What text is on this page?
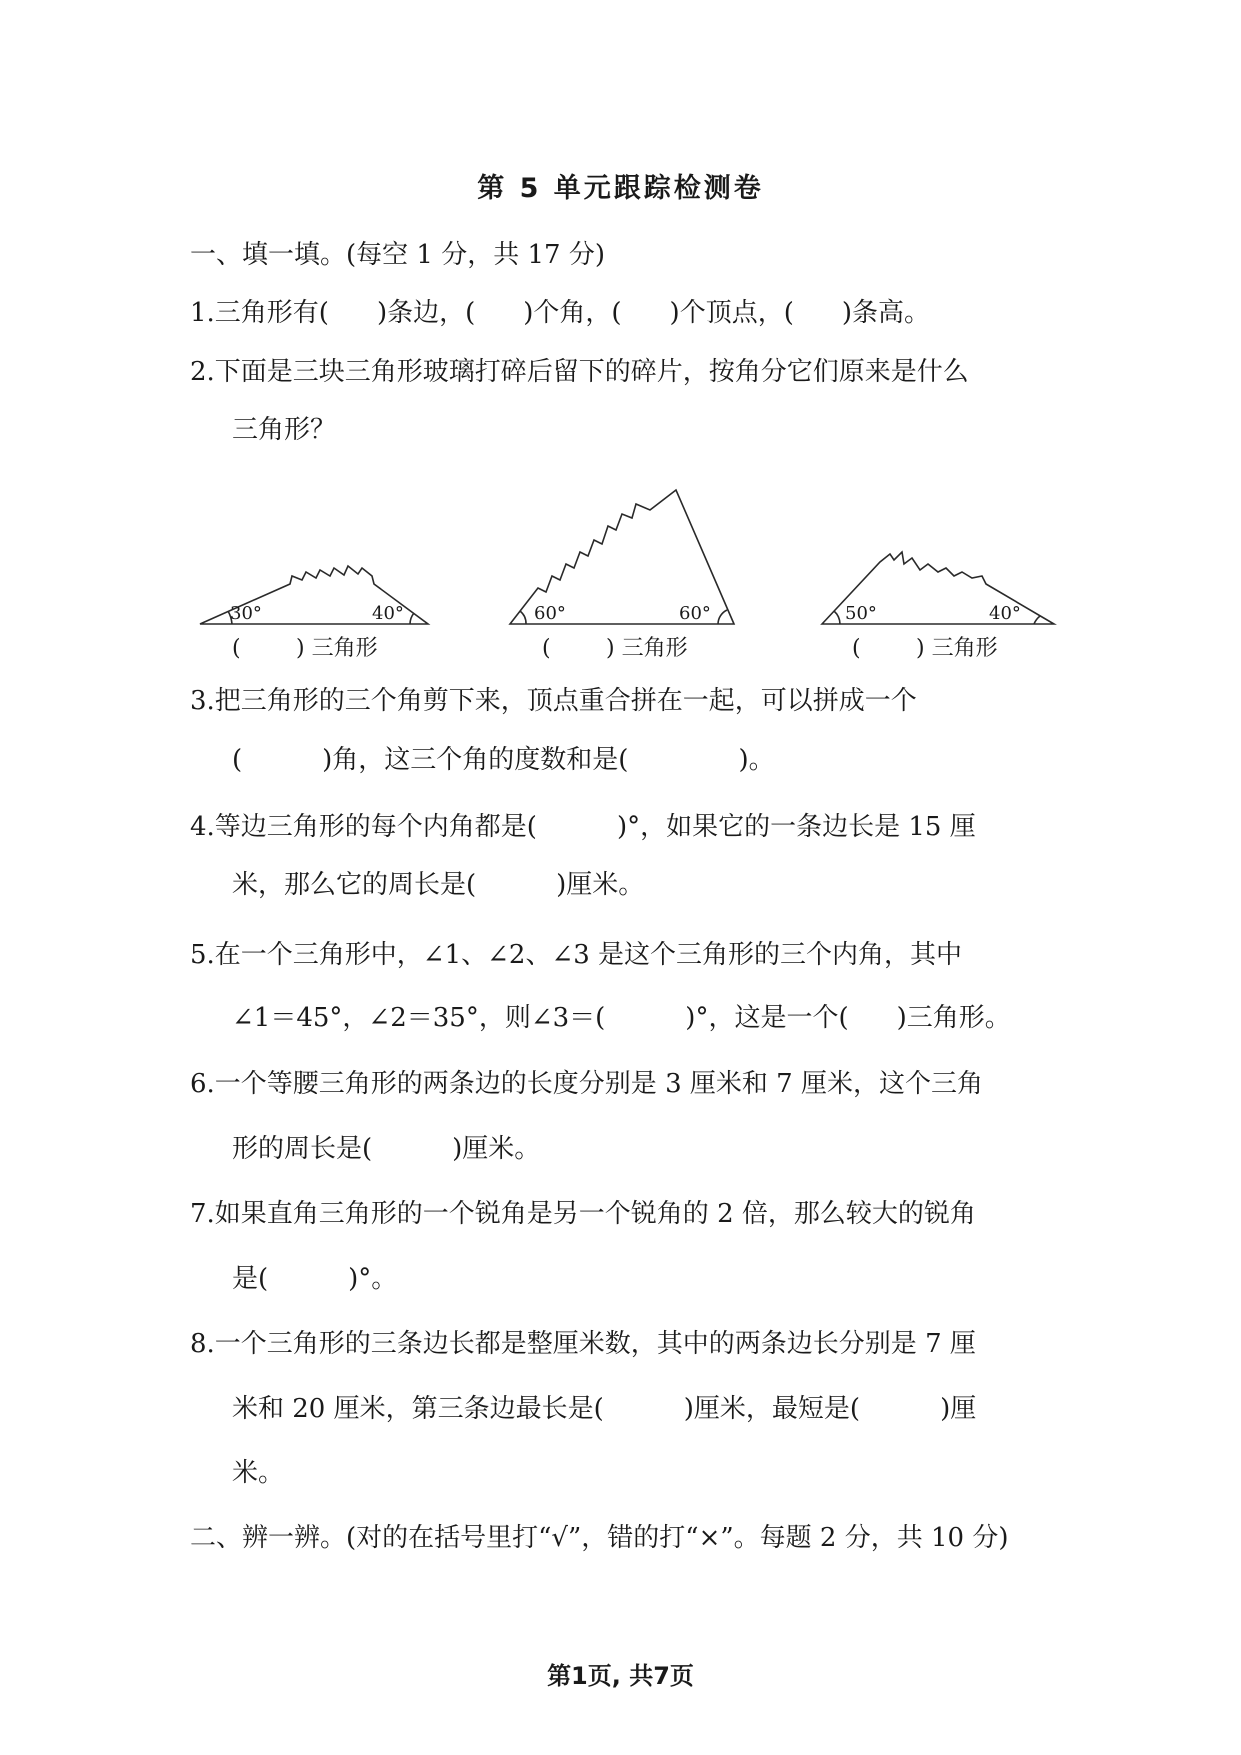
第 5 单元跟踪检测卷
一、填一填。(每空 1 分，共 17 分)
1.三角形有( )条边，( )个角，( )个顶点，( )条高。
2.下面是三块三角形玻璃打碎后留下的碎片，按角分它们原来是什么
三角形？
30°	40°	60°	60°	50°	40°
(	) 三角形	(	) 三角形	(	) 三角形
3.把三角形的三个角剪下来，顶点重合拼在一起，可以拼成一个
(	)角，这三个角的度数和是(	)。
4.等边三角形的每个内角都是(	)°，如果它的一条边长是 15 厘
米，那么它的周长是(	)厘米。
5.在一个三角形中，∠1、∠2、∠3 是这个三角形的三个内角，其中
∠1＝45°，∠2＝35°，则∠3＝(	)°，这是一个( )三角形。
6.一个等腰三角形的两条边的长度分别是 3 厘米和 7 厘米，这个三角
形的周长是(	)厘米。
7.如果直角三角形的一个锐角是另一个锐角的 2 倍，那么较大的锐角
是(	)°。
8.一个三角形的三条边长都是整厘米数，其中的两条边长分别是 7 厘
米和 20 厘米，第三条边最长是(	)厘米，最短是(	)厘
米。
二、辨一辨。(对的在括号里打“√”，错的打“×”。每题 2 分，共 10 分)
第1页, 共7页
